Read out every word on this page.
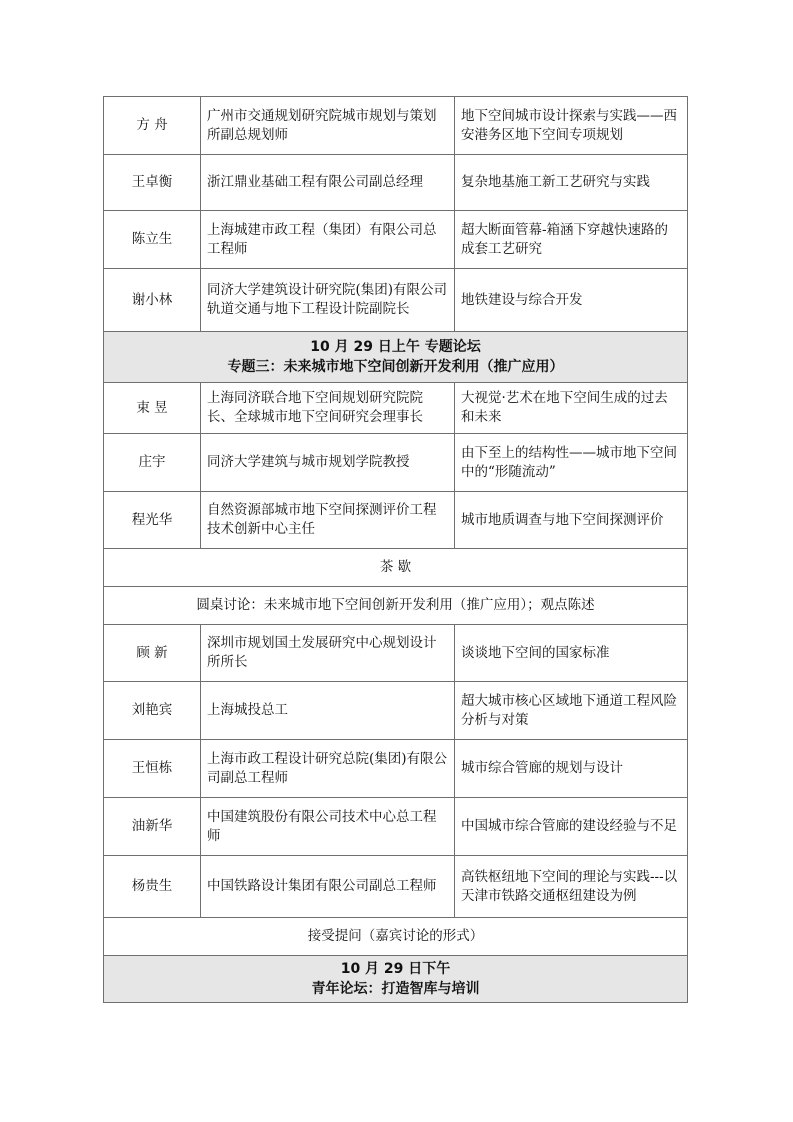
方 舟	广州市交通规划研究院城市规划与策划所副总规划师	地下空间城市设计探索与实践——西安港务区地下空间专项规划
王卓衡	浙江鼎业基础工程有限公司副总经理	复杂地基施工新工艺研究与实践
陈立生	上海城建市政工程（集团）有限公司总工程师	超大断面管幕-箱涵下穿越快速路的成套工艺研究
谢小林	同济大学建筑设计研究院(集团)有限公司轨道交通与地下工程设计院副院长	地铁建设与综合开发

10 月 29 日上午 专题论坛
专题三：未来城市地下空间创新开发利用（推广应用）		

束 昱	上海同济联合地下空间规划研究院院长、全球城市地下空间研究会理事长	大视觉·艺术在地下空间生成的过去和未来
庄宇	同济大学建筑与城市规划学院教授	由下至上的结构性——城市地下空间中的“形随流动”
程光华	自然资源部城市地下空间探测评价工程技术创新中心主任	城市地质调查与地下空间探测评价
茶 歇		
圆桌讨论：未来城市地下空间创新开发利用（推广应用）；观点陈述		
顾 新	深圳市规划国土发展研究中心规划设计所所长	谈谈地下空间的国家标准
刘艳宾	上海城投总工	超大城市核心区域地下通道工程风险分析与对策
王恒栋	上海市政工程设计研究总院(集团)有限公司副总工程师	城市综合管廊的规划与设计
油新华	中国建筑股份有限公司技术中心总工程师	中国城市综合管廊的建设经验与不足
杨贵生	中国铁路设计集团有限公司副总工程师	高铁枢纽地下空间的理论与实践---以天津市铁路交通枢纽建设为例
接受提问（嘉宾讨论的形式）		

10 月 29 日下午
青年论坛：打造智库与培训		
